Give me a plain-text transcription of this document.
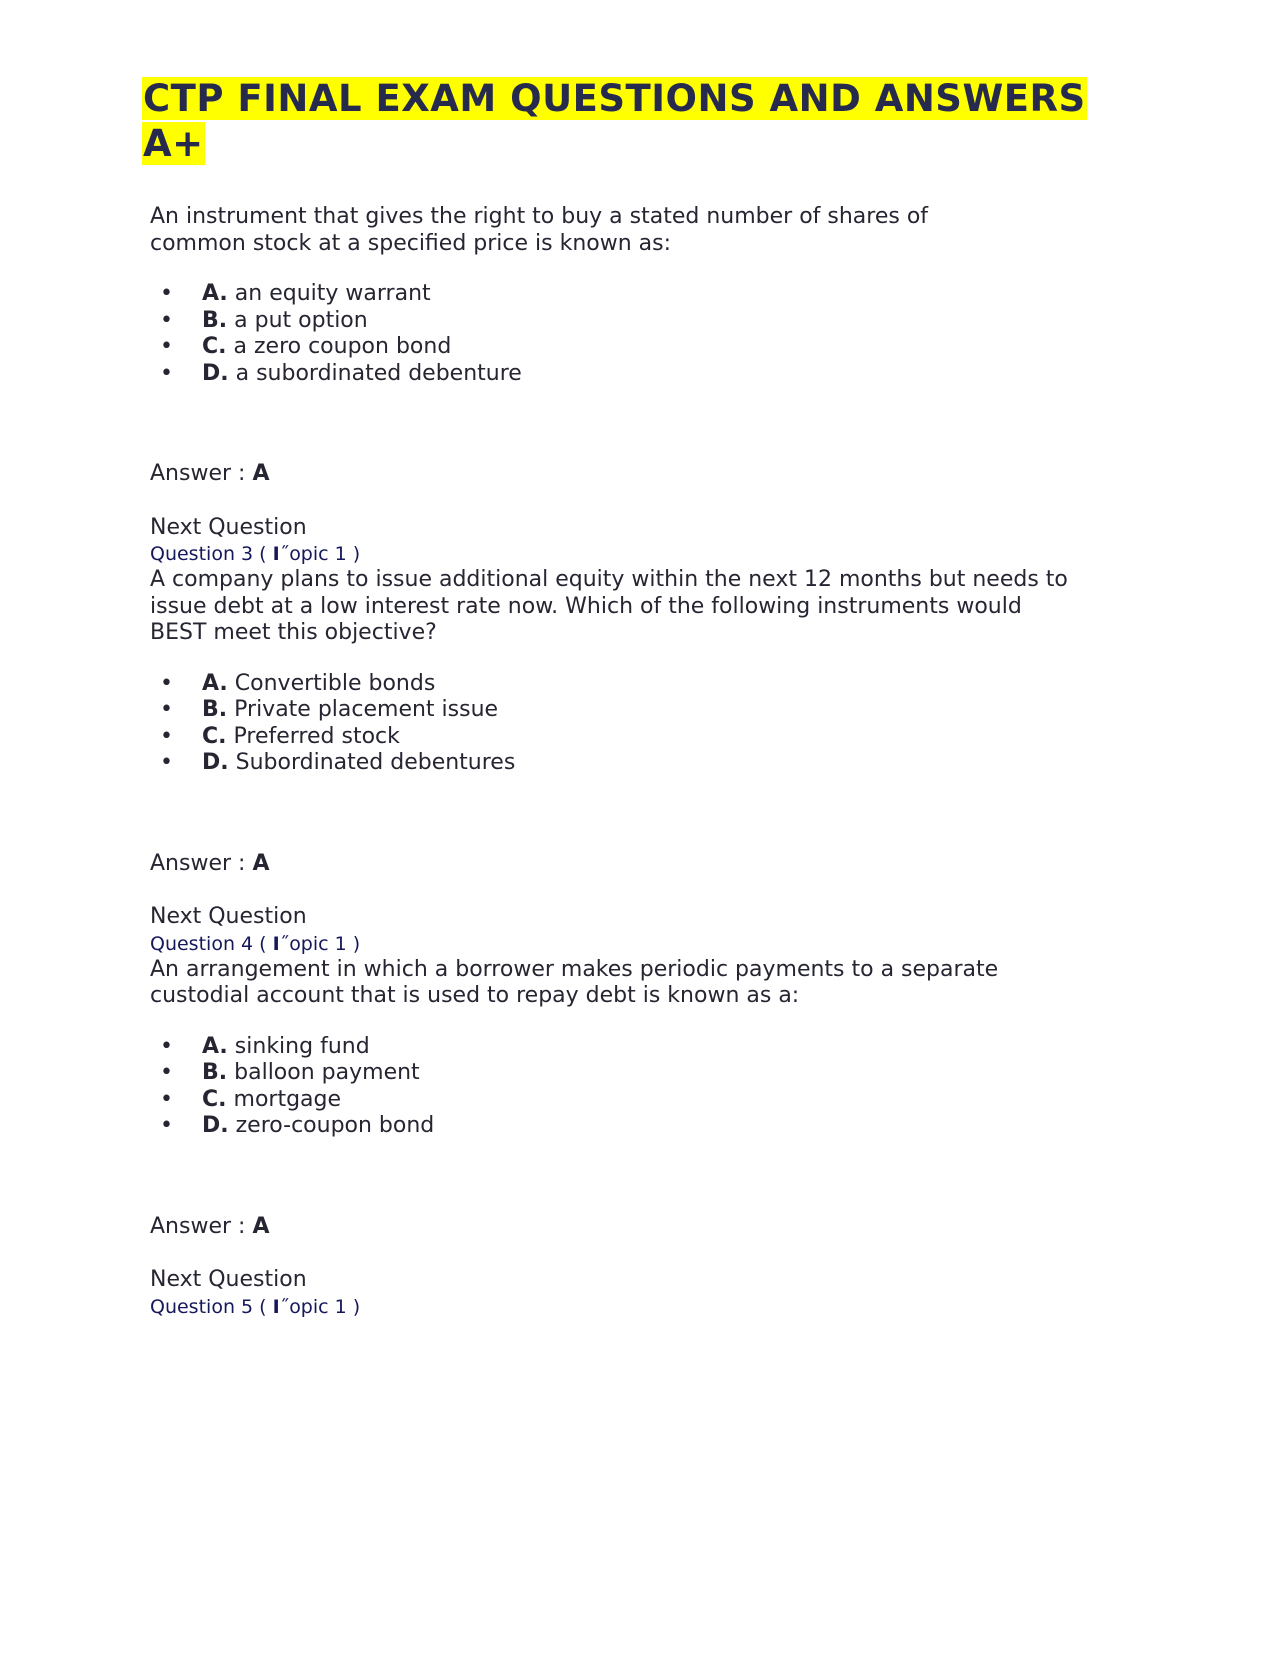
CTP FINAL EXAM QUESTIONS AND ANSWERS A+

An instrument that gives the right to buy a stated number of shares of
common stock at a specified price is known as:

• A. an equity warrant
• B. a put option
• C. a zero coupon bond
• D. a subordinated debenture
Answer : A
Next Question
Question 3 ( I˝opic 1 )

A company plans to issue additional equity within the next 12 months but needs to
issue debt at a low interest rate now. Which of the following instruments would
BEST meet this objective?

• A. Convertible bonds
• B. Private placement issue
• C. Preferred stock
• D. Subordinated debentures
Answer : A
Next Question
Question 4 ( I˝opic 1 )

An arrangement in which a borrower makes periodic payments to a separate
custodial account that is used to repay debt is known as a:

• A. sinking fund
• B. balloon payment
• C. mortgage
• D. zero-coupon bond
Answer : A
Next Question
Question 5 ( I˝opic 1 )
